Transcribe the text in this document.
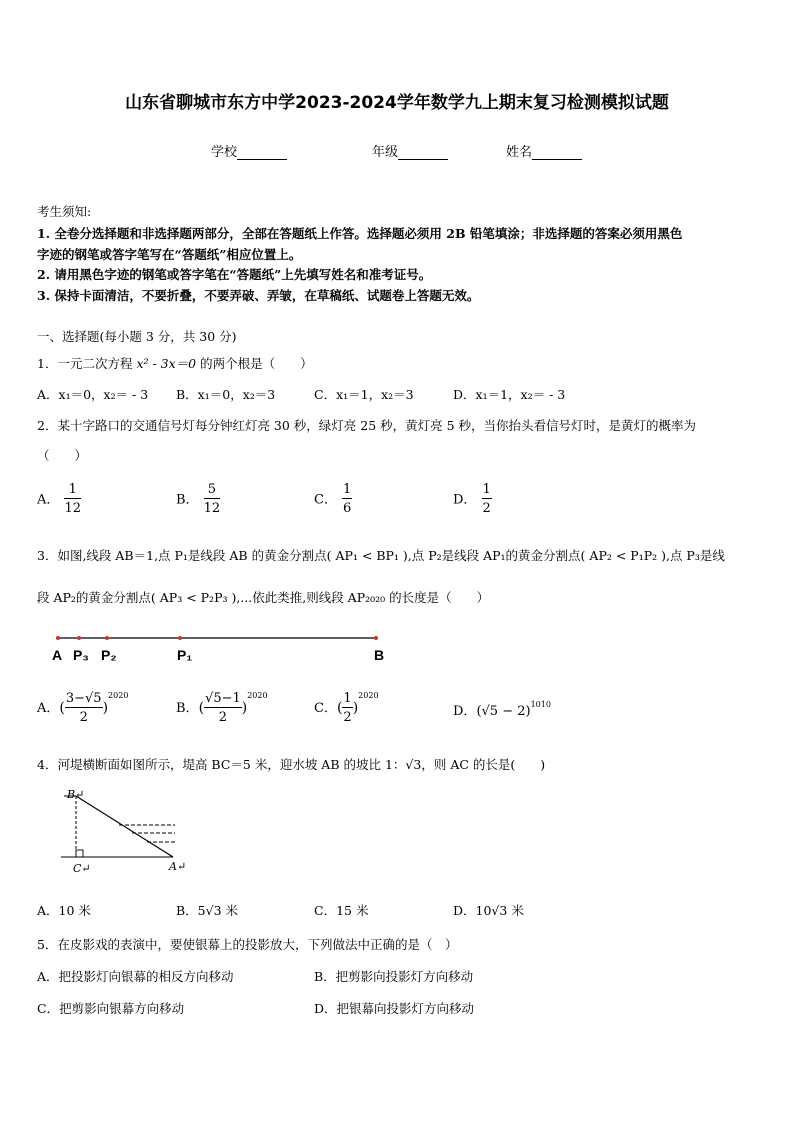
山东省聊城市东方中学2023-2024学年数学九上期末复习检测模拟试题
学校	年级	姓名
考生须知:
1. 全卷分选择题和非选择题两部分，全部在答题纸上作答。选择题必须用 2B 铅笔填涂；非选择题的答案必须用黑色
字迹的钢笔或答字笔写在“答题纸”相应位置上。
2. 请用黑色字迹的钢笔或答字笔在“答题纸”上先填写姓名和准考证号。
3. 保持卡面清洁，不要折叠，不要弄破、弄皱，在草稿纸、试题卷上答题无效。
一、选择题(每小题 3 分，共 30 分)
1．一元二次方程 x² - 3x＝0 的两个根是（　　）
A．x₁＝0，x₂＝ - 3 B．x₁＝0，x₂＝3	C．x₁＝1，x₂＝3	D．x₁＝1，x₂＝ - 3
2．某十字路口的交通信号灯每分钟红灯亮 30 秒，绿灯亮 25 秒，黄灯亮 5 秒，当你抬头看信号灯时，是黄灯的概率为
（　　）
A． $\frac{1}{12}$	B． $\frac{5}{12}$	C． $\frac{1}{6}$	D． $\frac{1}{2}$
3．如图,线段 AB＝1,点 P₁是线段 AB 的黄金分割点( AP₁ < BP₁ ),点 P₂是线段 AP₁的黄金分割点( AP₂ < P₁P₂ ),点 P₃是线
段 AP₂的黄金分割点( AP₃ < P₂P₃ ),...依此类推,则线段 AP₂₀₂₀ 的长度是（　　）
A P₃ P₂	P₁	B
A．( $\frac{3-√5}{2} )^{2020}$
B．( $\frac{√5-1}{2} )^{2020}$
C．( $\frac{1}{2} )^{2020}$
D．$(√5 - 2)^{1010}$
4．河堤横断面如图所示，堤高 BC＝5 米，迎水坡 AB 的坡比 1：√3，则 AC 的长是(　　)
B↵
C↵	A↵
A．10 米	B．5√3 米	C．15 米	D．10√3 米
5．在皮影戏的表演中，要使银幕上的投影放大，下列做法中正确的是（　）
A．把投影灯向银幕的相反方向移动	B．把剪影向投影灯方向移动
C．把剪影向银幕方向移动	D．把银幕向投影灯方向移动
